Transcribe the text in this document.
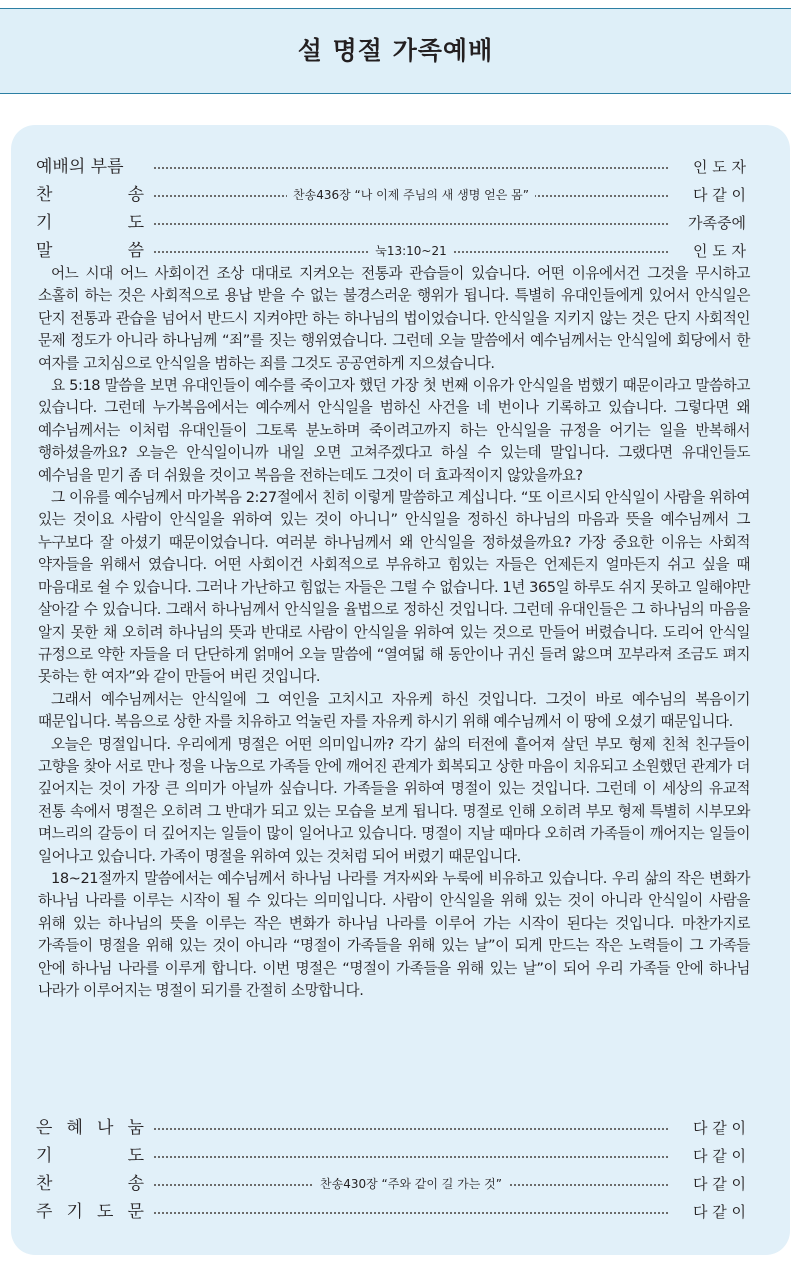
설 명절 가족예배
예배의 부름	인 도 자
찬	송	찬송436장 “나 이제 주님의 새 생명 얻은 몸”	다 같 이
기	도	가족중에
말	씀	눅13:10~21	인 도 자

어느 시대 어느 사회이건 조상 대대로 지켜오는 전통과 관습들이 있습니다. 어떤 이유에서건 그것을 무시하고 소홀히 하는 것은 사회적으로 용납 받을 수 없는 불경스러운 행위가 됩니다. 특별히 유대인들에게 있어서 안식일은 단지 전통과 관습을 넘어서 반드시 지켜야만 하는 하나님의 법이었습니다. 안식일을 지키지 않는 것은 단지 사회적인 문제 정도가 아니라 하나님께 “죄”를 짓는 행위였습니다. 그런데 오늘 말씀에서 예수님께서는 안식일에 회당에서 한 여자를 고치심으로 안식일을 범하는 죄를 그것도 공공연하게 지으셨습니다.

요 5:18 말씀을 보면 유대인들이 예수를 죽이고자 했던 가장 첫 번째 이유가 안식일을 범했기 때문이라고 말씀하고 있습니다. 그런데 누가복음에서는 예수께서 안식일을 범하신 사건을 네 번이나 기록하고 있습니다. 그렇다면 왜 예수님께서는 이처럼 유대인들이 그토록 분노하며 죽이려고까지 하는 안식일을 규정을 어기는 일을 반복해서 행하셨을까요? 오늘은 안식일이니까 내일 오면 고쳐주겠다고 하실 수 있는데 말입니다. 그랬다면 유대인들도 예수님을 믿기 좀 더 쉬웠을 것이고 복음을 전하는데도 그것이 더 효과적이지 않았을까요?

그 이유를 예수님께서 마가복음 2:27절에서 친히 이렇게 말씀하고 계십니다. “또 이르시되 안식일이 사람을 위하여 있는 것이요 사람이 안식일을 위하여 있는 것이 아니니” 안식일을 정하신 하나님의 마음과 뜻을 예수님께서 그 누구보다 잘 아셨기 때문이었습니다. 여러분 하나님께서 왜 안식일을 정하셨을까요? 가장 중요한 이유는 사회적 약자들을 위해서 였습니다. 어떤 사회이건 사회적으로 부유하고 힘있는 자들은 언제든지 얼마든지 쉬고 싶을 때 마음대로 쉴 수 있습니다. 그러나 가난하고 힘없는 자들은 그럴 수 없습니다. 1년 365일 하루도 쉬지 못하고 일해야만 살아갈 수 있습니다. 그래서 하나님께서 안식일을 율법으로 정하신 것입니다. 그런데 유대인들은 그 하나님의 마음을 알지 못한 채 오히려 하나님의 뜻과 반대로 사람이 안식일을 위하여 있는 것으로 만들어 버렸습니다. 도리어 안식일 규정으로 약한 자들을 더 단단하게 얽매어 오늘 말씀에 “열여덟 해 동안이나 귀신 들려 앓으며 꼬부라져 조금도 펴지 못하는 한 여자”와 같이 만들어 버린 것입니다.

그래서 예수님께서는 안식일에 그 여인을 고치시고 자유케 하신 것입니다. 그것이 바로 예수님의 복음이기 때문입니다. 복음으로 상한 자를 치유하고 억눌린 자를 자유케 하시기 위해 예수님께서 이 땅에 오셨기 때문입니다.

오늘은 명절입니다. 우리에게 명절은 어떤 의미입니까? 각기 삶의 터전에 흩어져 살던 부모 형제 친척 친구들이 고향을 찾아 서로 만나 정을 나눔으로 가족들 안에 깨어진 관계가 회복되고 상한 마음이 치유되고 소원했던 관계가 더 깊어지는 것이 가장 큰 의미가 아닐까 싶습니다. 가족들을 위하여 명절이 있는 것입니다. 그런데 이 세상의 유교적 전통 속에서 명절은 오히려 그 반대가 되고 있는 모습을 보게 됩니다. 명절로 인해 오히려 부모 형제 특별히 시부모와 며느리의 갈등이 더 깊어지는 일들이 많이 일어나고 있습니다. 명절이 지날 때마다 오히려 가족들이 깨어지는 일들이 일어나고 있습니다. 가족이 명절을 위하여 있는 것처럼 되어 버렸기 때문입니다.

18~21절까지 말씀에서는 예수님께서 하나님 나라를 겨자씨와 누룩에 비유하고 있습니다. 우리 삶의 작은 변화가 하나님 나라를 이루는 시작이 될 수 있다는 의미입니다. 사람이 안식일을 위해 있는 것이 아니라 안식일이 사람을 위해 있는 하나님의 뜻을 이루는 작은 변화가 하나님 나라를 이루어 가는 시작이 된다는 것입니다. 마찬가지로 가족들이 명절을 위해 있는 것이 아니라 “명절이 가족들을 위해 있는 날”이 되게 만드는 작은 노력들이 그 가족들 안에 하나님 나라를 이루게 합니다. 이번 명절은 “명절이 가족들을 위해 있는 날”이 되어 우리 가족들 안에 하나님 나라가 이루어지는 명절이 되기를 간절히 소망합니다.

은 혜 나 눔	다 같 이
기	도	다 같 이
찬	송	찬송430장 “주와 같이 길 가는 것”	다 같 이
주 기 도 문	다 같 이
